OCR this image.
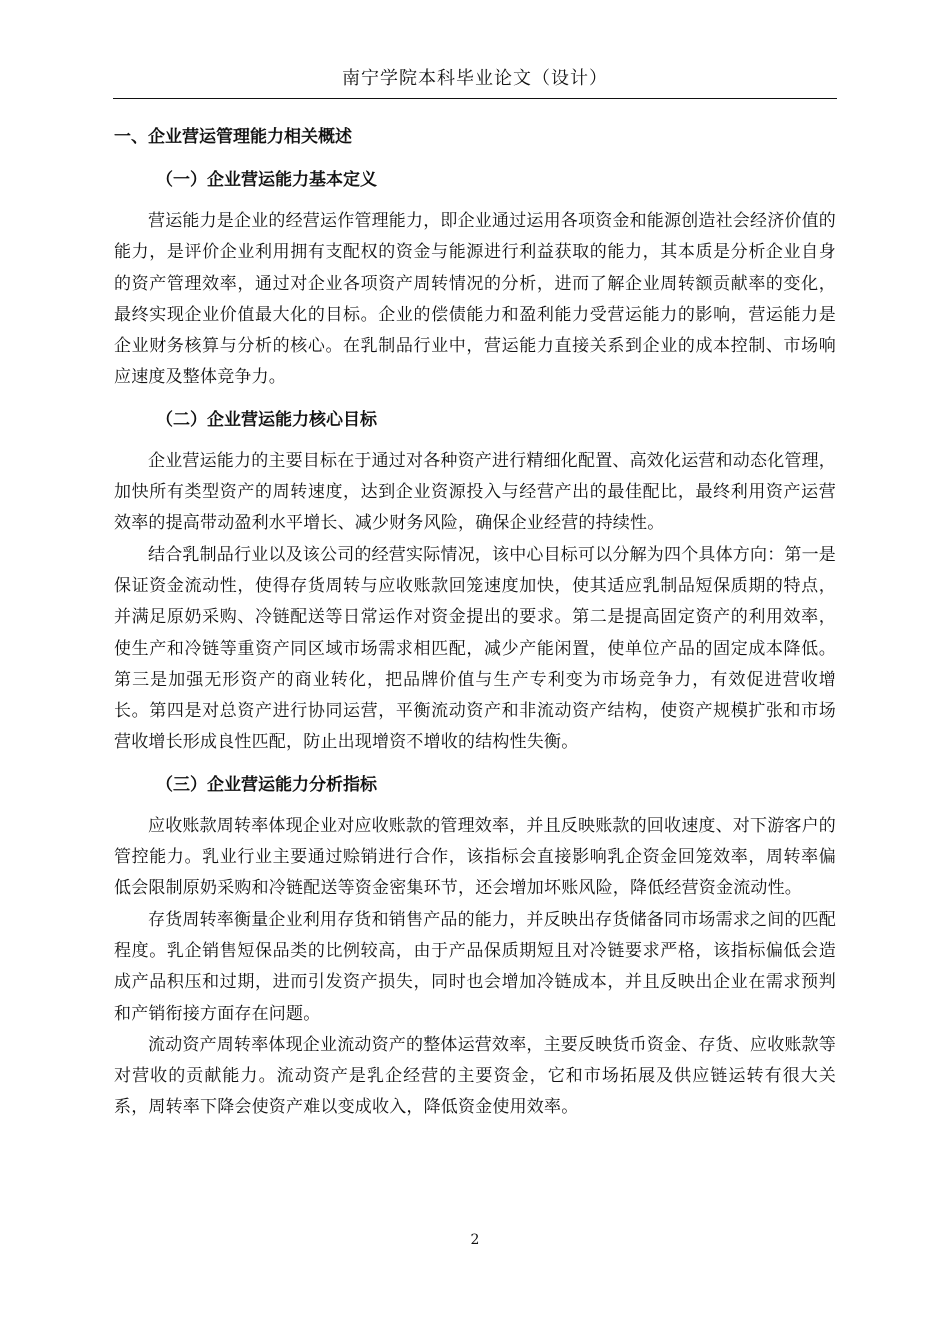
南宁学院本科毕业论文（设计）
一、企业营运管理能力相关概述
（一）企业营运能力基本定义

营运能力是企业的经营运作管理能力，即企业通过运用各项资金和能源创造社会经济价值的能力，是评价企业利用拥有支配权的资金与能源进行利益获取的能力，其本质是分析企业自身的资产管理效率，通过对企业各项资产周转情况的分析，进而了解企业周转额贡献率的变化，最终实现企业价值最大化的目标。企业的偿债能力和盈利能力受营运能力的影响，营运能力是企业财务核算与分析的核心。在乳制品行业中，营运能力直接关系到企业的成本控制、市场响应速度及整体竞争力。

（二）企业营运能力核心目标

企业营运能力的主要目标在于通过对各种资产进行精细化配置、高效化运营和动态化管理，加快所有类型资产的周转速度，达到企业资源投入与经营产出的最佳配比，最终利用资产运营效率的提高带动盈利水平增长、减少财务风险，确保企业经营的持续性。

结合乳制品行业以及该公司的经营实际情况，该中心目标可以分解为四个具体方向：第一是保证资金流动性，使得存货周转与应收账款回笼速度加快，使其适应乳制品短保质期的特点，并满足原奶采购、冷链配送等日常运作对资金提出的要求。第二是提高固定资产的利用效率，使生产和冷链等重资产同区域市场需求相匹配，减少产能闲置，使单位产品的固定成本降低。第三是加强无形资产的商业转化，把品牌价值与生产专利变为市场竞争力，有效促进营收增长。第四是对总资产进行协同运营，平衡流动资产和非流动资产结构，使资产规模扩张和市场营收增长形成良性匹配，防止出现增资不增收的结构性失衡。

（三）企业营运能力分析指标

应收账款周转率体现企业对应收账款的管理效率，并且反映账款的回收速度、对下游客户的管控能力。乳业行业主要通过赊销进行合作，该指标会直接影响乳企资金回笼效率，周转率偏低会限制原奶采购和冷链配送等资金密集环节，还会增加坏账风险，降低经营资金流动性。

存货周转率衡量企业利用存货和销售产品的能力，并反映出存货储备同市场需求之间的匹配程度。乳企销售短保品类的比例较高，由于产品保质期短且对冷链要求严格，该指标偏低会造成产品积压和过期，进而引发资产损失，同时也会增加冷链成本，并且反映出企业在需求预判和产销衔接方面存在问题。

流动资产周转率体现企业流动资产的整体运营效率，主要反映货币资金、存货、应收账款等对营收的贡献能力。流动资产是乳企经营的主要资金，它和市场拓展及供应链运转有很大关系，周转率下降会使资产难以变成收入，降低资金使用效率。

2
